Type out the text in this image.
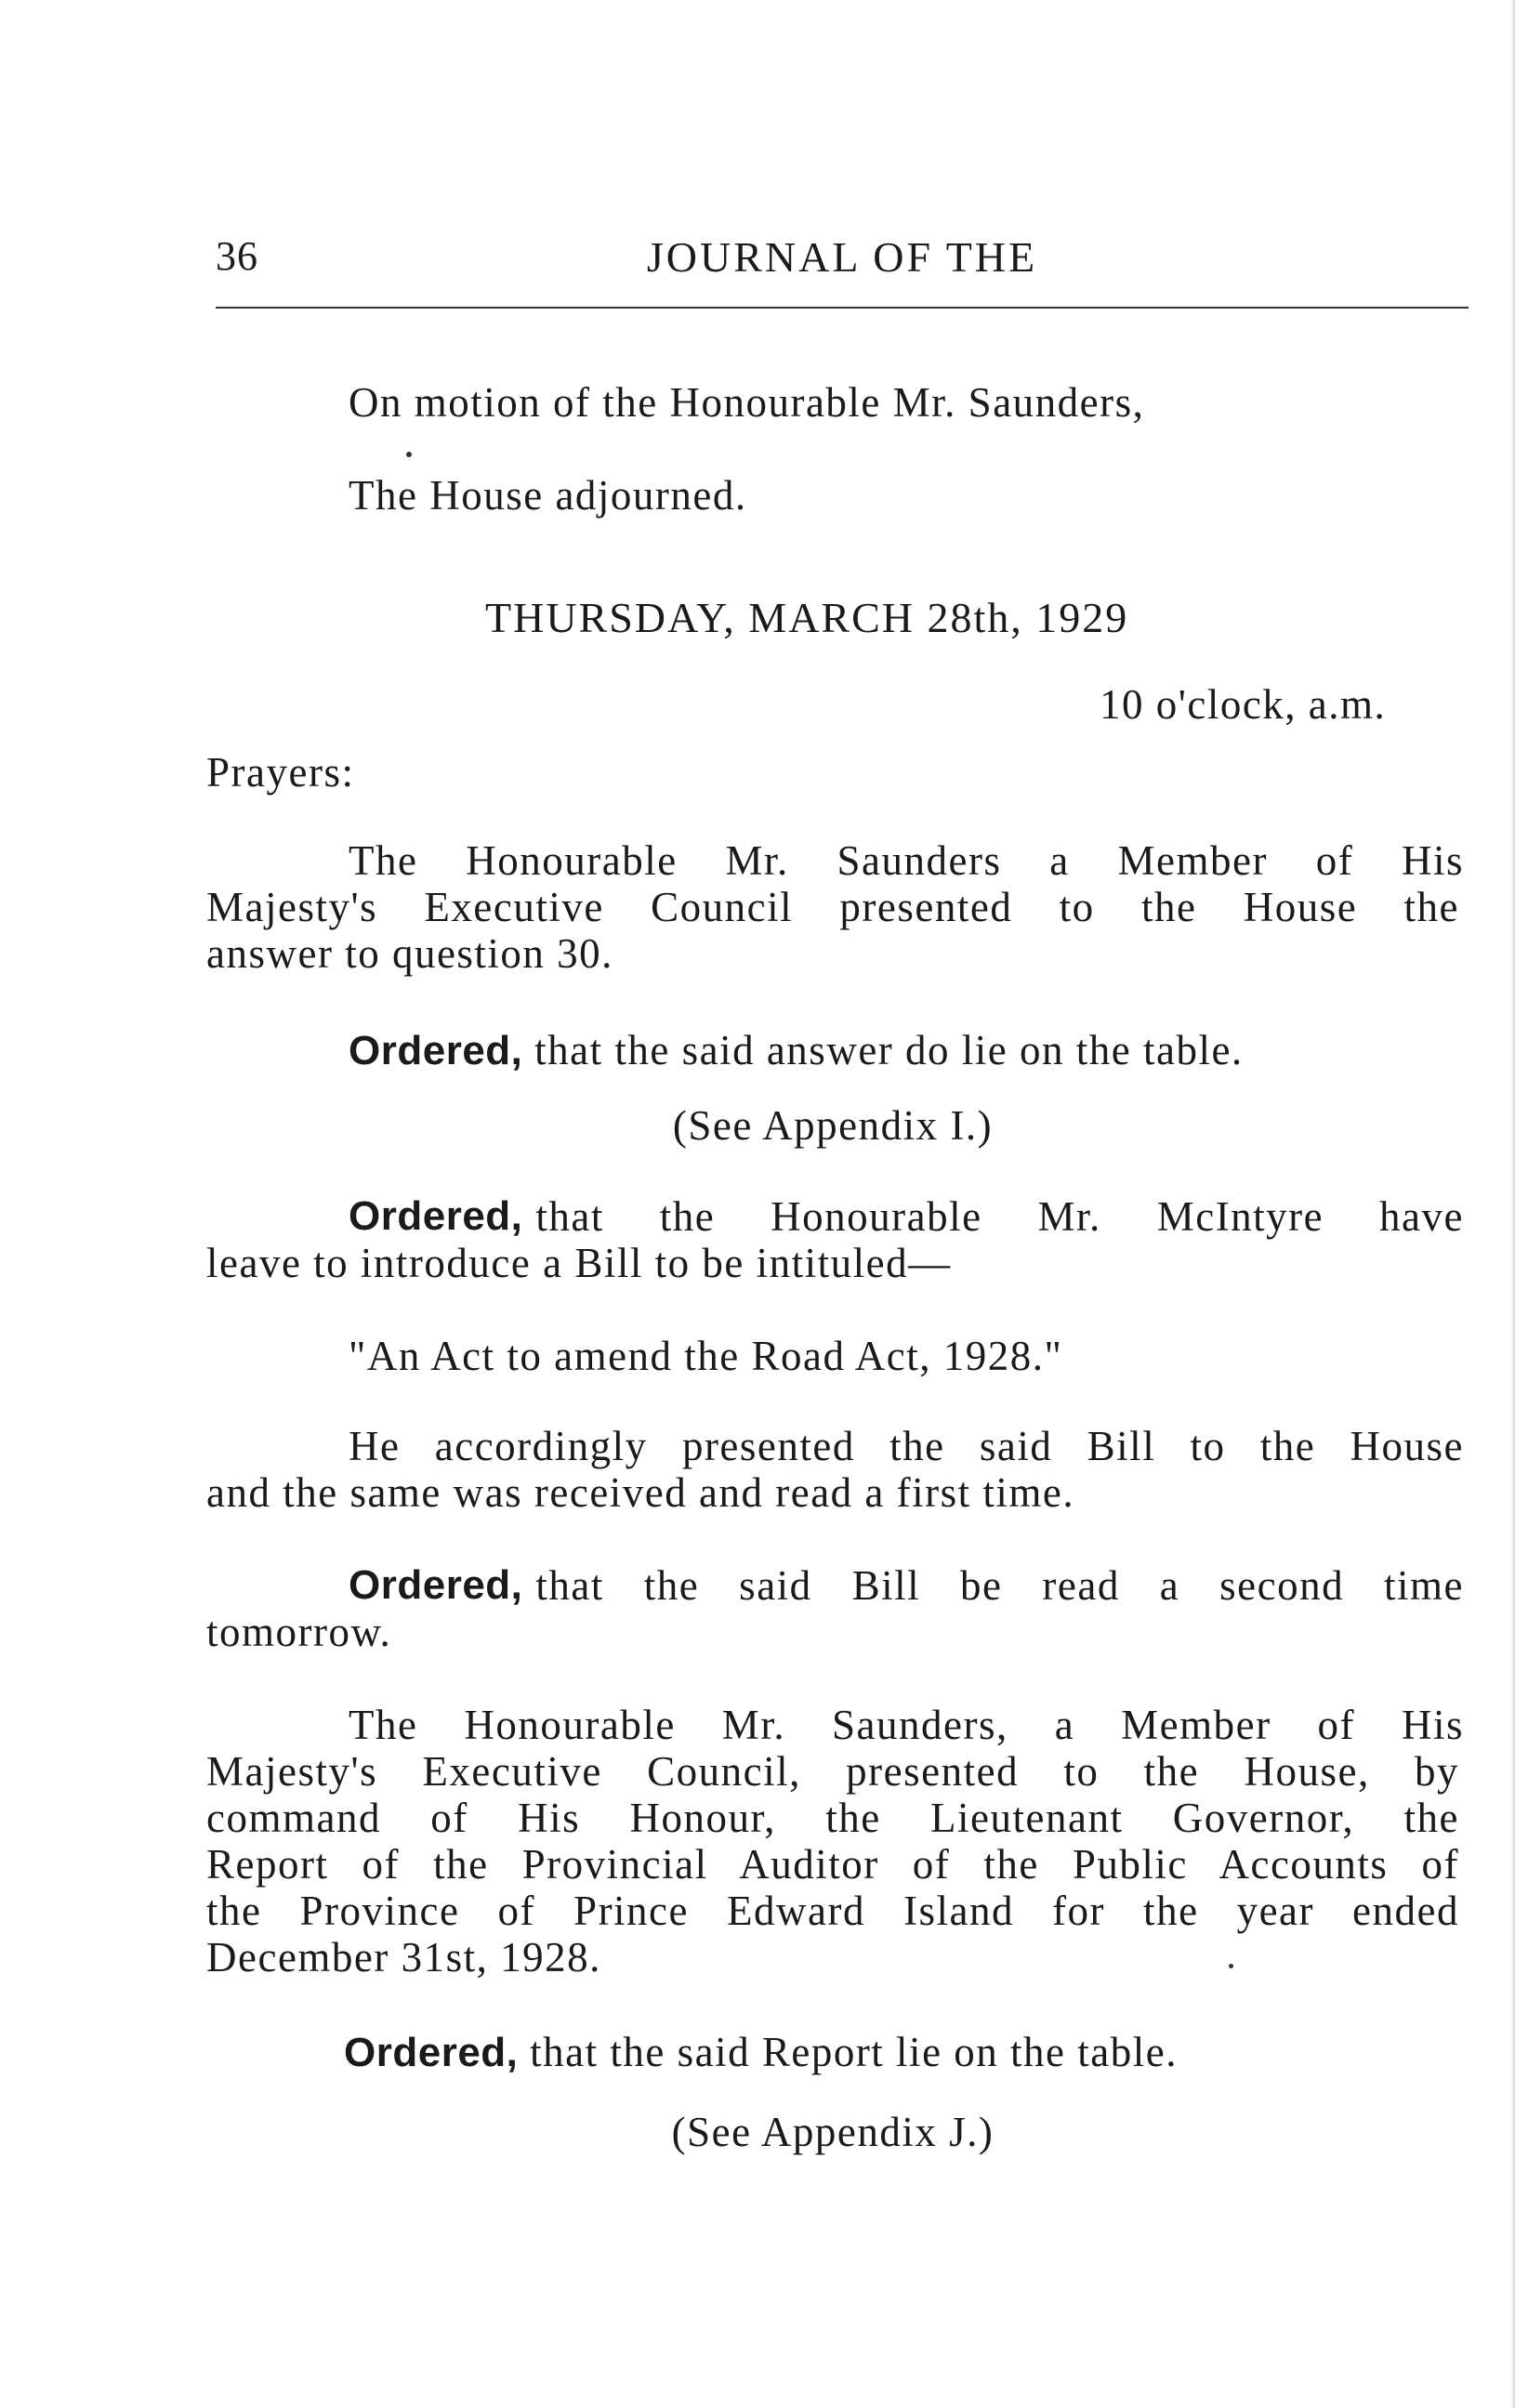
36	JOURNAL OF THE
On motion of the Honourable Mr. Saunders,
The House adjourned.
THURSDAY, MARCH 28th, 1929
10 o'clock, a.m.
Prayers:
The Honourable Mr. Saunders a Member of His
Majesty's Executive Council presented to the House the
answer to question 30.
Ordered, that the said answer do lie on the table.
(See Appendix I.)
Ordered, that the Honourable Mr. McIntyre have
leave to introduce a Bill to be intituled—
"An Act to amend the Road Act, 1928."
He accordingly presented the said Bill to the House
and the same was received and read a first time.
Ordered, that the said Bill be read a second time
tomorrow.
The Honourable Mr. Saunders, a Member of His
Majesty's Executive Council, presented to the House, by
command of His Honour, the Lieutenant Governor, the
Report of the Provincial Auditor of the Public Accounts of
the Province of Prince Edward Island for the year ended
December 31st, 1928.
Ordered, that the said Report lie on the table.
(See Appendix J.)
